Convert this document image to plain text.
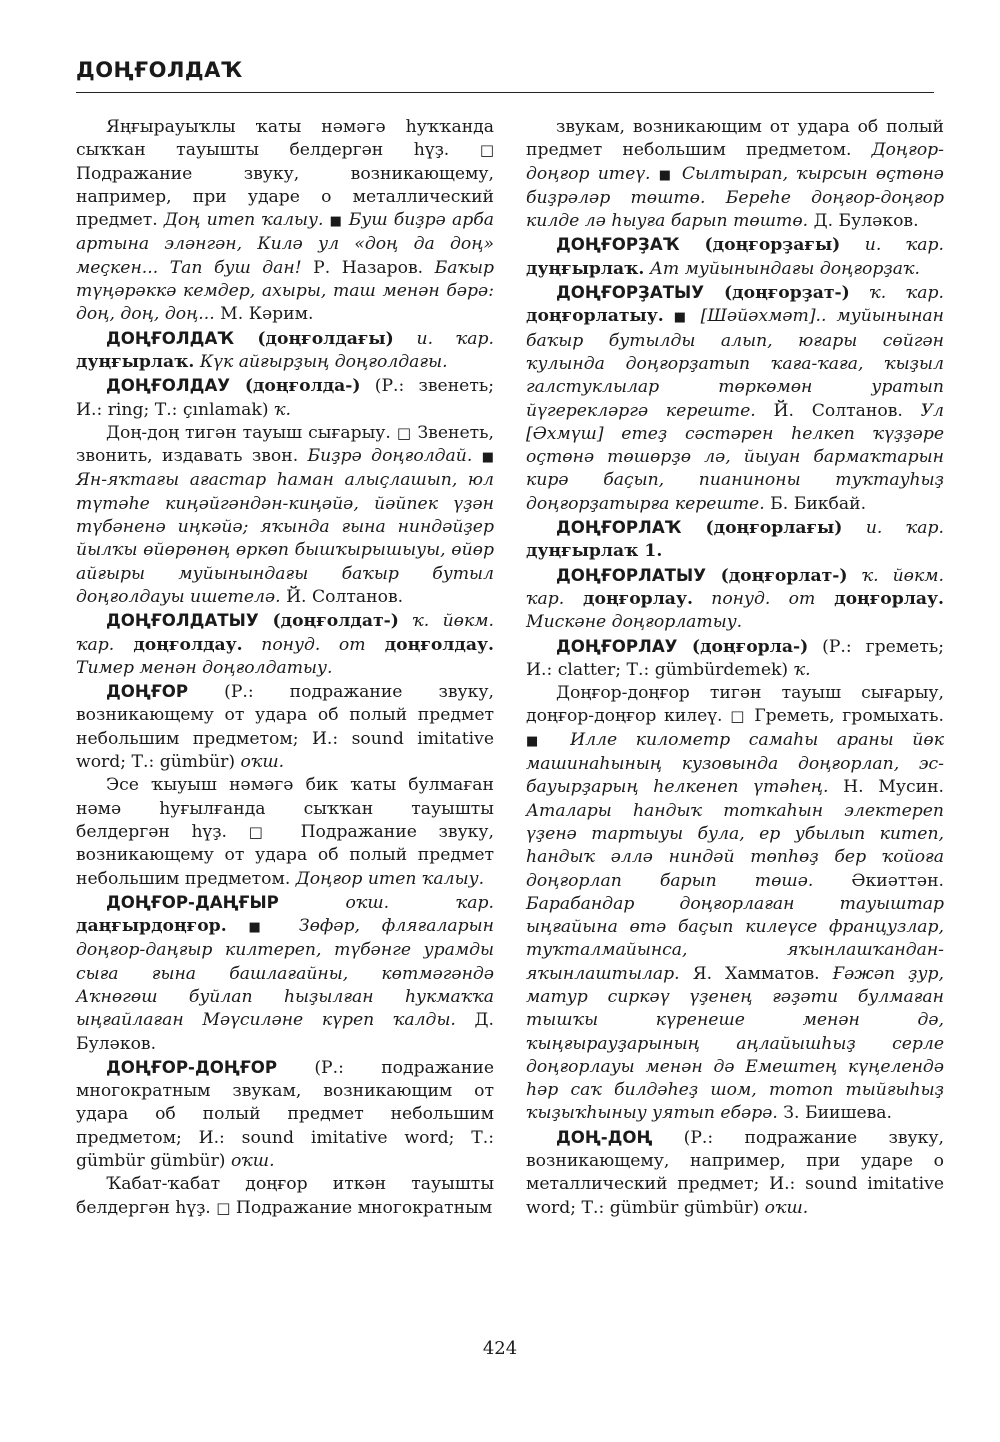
ДОҢҒОЛДАҠ

Яңғырауыҡлы ҡаты нәмәгә һуҡҡанда сыҡҡан тауышты белдергән һүҙ. □ Подражание звуку, возникающему, например, при ударе о металлический предмет. Доң итеп ҡалыу. ■ Буш биҙрә арба артына эләнгән, Килә ул «доң да доң» меҫкен... Тап буш дан! Р. Назаров. Баҡыр түңәрәккә кемдер, ахыры, таш менән бәрә: доң, доң, доң... М. Кәрим.

ДОҢҒОЛДАҠ (доңғолдағы) и. ҡар. дуңғырлаҡ. Күк айғырҙың доңғолдағы.

ДОҢҒОЛДАУ (доңғолда-) (Р.: звенеть; И.: ring; Т.: çınlamak) ҡ.

Доң-доң тигән тауыш сығарыу. □ Звенеть, звонить, издавать звон. Биҙрә доңғолдай. ■ Ян-яҡтағы ағастар һаман алыҫлашып, юл түтәһе киңәйгәндән-киңәйә, йәйпек үҙән түбәненә иңкәйә; яҡында ғына ниндәйҙер йылҡы өйөрөнөң өркөп бышҡырышыуы, өйөр айғыры муйынындағы баҡыр бутыл доңғолдауы ишетелә. Й. Солтанов.

ДОҢҒОЛДАТЫУ (доңғолдат-) ҡ. йөкм. ҡар. доңғолдау. понуд. от доңғолдау. Тимер менән доңғолдатыу.

ДОҢҒОР (Р.: подражание звуку, возникающему от удара об полый предмет небольшим предметом; И.: sound imitative word; Т.: gümbür) оҡш.

Эсе ҡыуыш нәмәгә бик ҡаты булмаған нәмә һуғылғанда сыҡҡан тауышты белдергән һүҙ. □ Подражание звуку, возникающему от удара об полый предмет небольшим предметом. Доңғор итеп ҡалыу.

ДОҢҒОР-ДАҢҒЫР оҡш. ҡар. даңғырдоңғор. ■ Зөфәр, фляғаларын доңғор-даңғыр килтереп, түбәнге урамды сыға ғына башлағайны, көтмәгәндә Аҡнөгөш буйлап һыҙылған һукмаҡҡа ыңғайлаған Мәүсиләне күреп ҡалды. Д. Буләков.

ДОҢҒОР-ДОҢҒОР (Р.: подражание многократным звукам, возникающим от удара об полый предмет небольшим предметом; И.: sound imitative word; Т.: gümbür gümbür) оҡш.

Ҡабат-ҡабат доңғор иткән тауышты белдергән һүҙ. □ Подражание многократным

звукам, возникающим от удара об полый предмет небольшим предметом. Доңғор-доңғор итеү. ■ Сылтырап, ҡырсын өҫтөнә биҙрәләр төштө. Береһе доңғор-доңғор килде лә һыуға барып төштө. Д. Буләков.

ДОҢҒОРҘАҠ (доңғорҙағы) и. ҡар. дуңғырлаҡ. Ат муйынындағы доңғорҙаҡ.

ДОҢҒОРҘАТЫУ (доңғорҙат-) ҡ. ҡар. доңғорлатыу. ■ [Шәйәхмәт].. муйынынан баҡыр бутылды алып, юғары сөйгән ҡулында доңғорҙатып ҡаға-ҡаға, ҡыҙыл галстуклылар төркөмөн уратып йүгерекләргә кереште. Й. Солтанов. Ул [Әхмүш] етеҙ сәстәрен һелкеп ҡүҙҙәре оҫтөнә төшөрҙө лә, йыуан бармаҡтарын кирә баҫып, пианиноны туҡтауһыҙ доңғорҙатырға кереште. Б. Бикбай.

ДОҢҒОРЛАҠ (доңғорлағы) и. ҡар. дуңғырлаҡ 1.

ДОҢҒОРЛАТЫУ (доңғорлат-) ҡ. йөкм. ҡар. доңғорлау. понуд. от доңғорлау. Мискәне доңғорлатыу.

ДОҢҒОРЛАУ (доңғорла-) (Р.: греметь; И.: clatter; Т.: gümbürdemek) ҡ.

Доңғор-доңғор тигән тауыш сығарыу, доңғор-доңғор килеү. □ Греметь, громыхать. ■ Илле километр самаһы араны йөк машинаһының кузовында доңғорлап, эс-бауырҙарың һелкенеп үтәһең. Н. Мусин. Аталары һандыҡ тоткаһын электереп үҙенә тартыуы була, ер убылып китеп, һандыҡ әллә ниндәй төпһөҙ бер ҡойоға доңғорлап барып төшә. Әкиәттән. Барабандар доңғорлаған тауыштар ыңғайына өтә баҫып килеүсе французлар, туҡталмайынса, яҡынлашҡандан-яҡынлаштылар. Я. Хамматов. Ғәжәп ҙур, матур сиркәү үҙенең ғәҙәти булмаған тышҡы күренеше менән дә, ҡыңғырауҙарының аңлайышһыҙ серле доңғорлауы менән дә Емештең күңелендә һәр саҡ билдәһеҙ шом, тотоп тыйғыһыҙ ҡыҙыҡһыныу уятып ебәрә. З. Биишева.

ДОҢ-ДОҢ (Р.: подражание звуку, возникающему, например, при ударе о металлический предмет; И.: sound imitative word; Т.: gümbür gümbür) оҡш.

424
